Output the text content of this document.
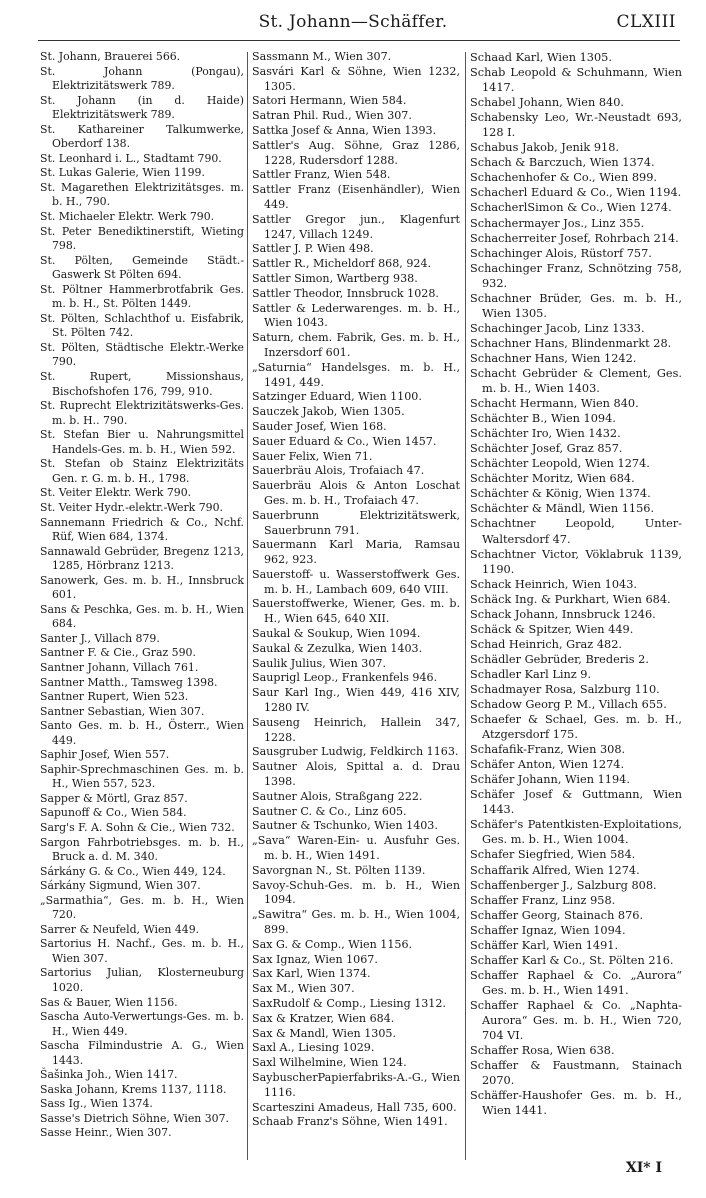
St. Johann—Schäffer.	CLXIII

St. Johann, Brauerei 566.

St. Johann (Pongau), Elektrizitätswerk 789.

St. Johann (in d. Haide) Elektrizitätswerk 789.

St. Kathareiner Talkumwerke, Oberdorf 138.

St. Leonhard i. L., Stadtamt 790.

St. Lukas Galerie, Wien 1199.

St. Magarethen Elektrizitätsges. m. b. H., 790.

St. Michaeler Elektr. Werk 790.

St. Peter Benediktinerstift, Wieting 798.

St. Pölten, Gemeinde Städt.-Gaswerk St Pölten 694.

St. Pöltner Hammerbrotfabrik Ges. m. b. H., St. Pölten 1449.

St. Pölten, Schlachthof u. Eisfabrik, St. Pölten 742.

St. Pölten, Städtische Elektr.-Werke 790.

St. Rupert, Missionshaus, Bischofshofen 176, 799, 910.

St. Ruprecht Elektrizitätswerks-Ges. m. b. H.. 790.

St. Stefan Bier u. Nahrungsmittel Handels-Ges. m. b. H., Wien 592.

St. Stefan ob Stainz Elektrizitäts Gen. r. G. m. b. H., 1798.

St. Veiter Elektr. Werk 790.

St. Veiter Hydr.-elektr.-Werk 790.

Sannemann Friedrich & Co., Nchf. Rüf, Wien 684, 1374.

Sannawald Gebrüder, Bregenz 1213, 1285, Hörbranz 1213.

Sanowerk, Ges. m. b. H., Innsbruck 601.

Sans & Peschka, Ges. m. b. H., Wien 684.

Santer J., Villach 879.

Santner F. & Cie., Graz 590.

Santner Johann, Villach 761.

Santner Matth., Tamsweg 1398.

Santner Rupert, Wien 523.

Santner Sebastian, Wien 307.

Santo Ges. m. b. H., Österr., Wien 449.

Saphir Josef, Wien 557.

Saphir-Sprechmaschinen Ges. m. b. H., Wien 557, 523.

Sapper & Mörtl, Graz 857.

Sapunoff & Co., Wien 584.

Sarg's F. A. Sohn & Cie., Wien 732.

Sargon Fahrbotriebsges. m. b. H., Bruck a. d. M. 340.

Sárkány G. & Co., Wien 449, 124.

Sárkány Sigmund, Wien 307.

„Sarmathia“, Ges. m. b. H., Wien 720.

Sarrer & Neufeld, Wien 449.

Sartorius H. Nachf., Ges. m. b. H., Wien 307.

Sartorius Julian, Klosterneuburg 1020.

Sas & Bauer, Wien 1156.

Sascha Auto-Verwertungs-Ges. m. b. H., Wien 449.

Sascha Filmindustrie A. G., Wien 1443.

Šašinka Joh., Wien 1417.

Saska Johann, Krems 1137, 1118.

Sass Ig., Wien 1374.

Sasse's Dietrich Söhne, Wien 307.

Sasse Heinr., Wien 307.

Sassmann M., Wien 307.

Sasvári Karl & Söhne, Wien 1232, 1305.

Satori Hermann, Wien 584.

Satran Phil. Rud., Wien 307.

Sattka Josef & Anna, Wien 1393.

Sattler's Aug. Söhne, Graz 1286, 1228, Rudersdorf 1288.

Sattler Franz, Wien 548.

Sattler Franz (Eisenhändler), Wien 449.

Sattler Gregor jun., Klagenfurt 1247, Villach 1249.

Sattler J. P. Wien 498.

Sattler R., Micheldorf 868, 924.

Sattler Simon, Wartberg 938.

Sattler Theodor, Innsbruck 1028.

Sattler & Lederwarenges. m. b. H., Wien 1043.

Saturn, chem. Fabrik, Ges. m. b. H., Inzersdorf 601.

„Saturnia“ Handelsges. m. b. H., 1491, 449.

Satzinger Eduard, Wien 1100.

Sauczek Jakob, Wien 1305.

Sauder Josef, Wien 168.

Sauer Eduard & Co., Wien 1457.

Sauer Felix, Wien 71.

Sauerbräu Alois, Trofaiach 47.

Sauerbräu Alois & Anton Loschat Ges. m. b. H., Trofaiach 47.

Sauerbrunn Elektrizitätswerk, Sauerbrunn 791.

Sauermann Karl Maria, Ramsau 962, 923.

Sauerstoff- u. Wasserstoffwerk Ges. m. b. H., Lambach 609, 640 VIII.

Sauerstoffwerke, Wiener, Ges. m. b. H., Wien 645, 640 XII.

Saukal & Soukup, Wien 1094.

Saukal & Zezulka, Wien 1403.

Saulik Julius, Wien 307.

Sauprigl Leop., Frankenfels 946.

Saur Karl Ing., Wien 449, 416 XIV, 1280 IV.

Sauseng Heinrich, Hallein 347, 1228.

Sausgruber Ludwig, Feldkirch 1163.

Sautner Alois, Spittal a. d. Drau 1398.

Sautner Alois, Straßgang 222.

Sautner C. & Co., Linz 605.

Sautner & Tschunko, Wien 1403.

„Sava“ Waren-Ein- u. Ausfuhr Ges. m. b. H., Wien 1491.

Savorgnan N., St. Pölten 1139.

Savoy-Schuh-Ges. m. b. H., Wien 1094.

„Sawitra“ Ges. m. b. H., Wien 1004, 899.

Sax G. & Comp., Wien 1156.

Sax Ignaz, Wien 1067.

Sax Karl, Wien 1374.

Sax M., Wien 307.

SaxRudolf & Comp., Liesing 1312.

Sax & Kratzer, Wien 684.

Sax & Mandl, Wien 1305.

Saxl A., Liesing 1029.

Saxl Wilhelmine, Wien 124.

SaybuscherPapierfabriks-A.-G., Wien 1116.

Scarteszini Amadeus, Hall 735, 600.

Schaab Franz's Söhne, Wien 1491.

Schaad Karl, Wien 1305.

Schab Leopold & Schuhmann, Wien 1417.

Schabel Johann, Wien 840.

Schabensky Leo, Wr.-Neustadt 693, 128 I.

Schabus Jakob, Jenik 918.

Schach & Barczuch, Wien 1374.

Schachenhofer & Co., Wien 899.

Schacherl Eduard & Co., Wien 1194.

SchacherlSimon & Co., Wien 1274.

Schachermayer Jos., Linz 355.

Schacherreiter Josef, Rohrbach 214.

Schachinger Alois, Rüstorf 757.

Schachinger Franz, Schnötzing 758, 932.

Schachner Brüder, Ges. m. b. H., Wien 1305.

Schachinger Jacob, Linz 1333.

Schachner Hans, Blindenmarkt 28.

Schachner Hans, Wien 1242.

Schacht Gebrüder & Clement, Ges. m. b. H., Wien 1403.

Schacht Hermann, Wien 840.

Schächter B., Wien 1094.

Schächter Iro, Wien 1432.

Schächter Josef, Graz 857.

Schächter Leopold, Wien 1274.

Schächter Moritz, Wien 684.

Schächter & König, Wien 1374.

Schächter & Mändl, Wien 1156.

Schachtner Leopold, Unter-Waltersdorf 47.

Schachtner Victor, Vöklabruk 1139, 1190.

Schack Heinrich, Wien 1043.

Schäck Ing. & Purkhart, Wien 684.

Schack Johann, Innsbruck 1246.

Schäck & Spitzer, Wien 449.

Schad Heinrich, Graz 482.

Schädler Gebrüder, Brederis 2.

Schadler Karl Linz 9.

Schadmayer Rosa, Salzburg 110.

Schadow Georg P. M., Villach 655.

Schaefer & Schael, Ges. m. b. H., Atzgersdorf 175.

Schafafik-Franz, Wien 308.

Schäfer Anton, Wien 1274.

Schäfer Johann, Wien 1194.

Schäfer Josef & Guttmann, Wien 1443.

Schäfer's Patentkisten-Exploitations, Ges. m. b. H., Wien 1004.

Schafer Siegfried, Wien 584.

Schaffarik Alfred, Wien 1274.

Schaffenberger J., Salzburg 808.

Schaffer Franz, Linz 958.

Schaffer Georg, Stainach 876.

Schaffer Ignaz, Wien 1094.

Schäffer Karl, Wien 1491.

Schaffer Karl & Co., St. Pölten 216.

Schaffer Raphael & Co. „Aurora“ Ges. m. b. H., Wien 1491.

Schaffer Raphael & Co. „Naphta-Aurora“ Ges. m. b. H., Wien 720, 704 VI.

Schaffer Rosa, Wien 638.

Schaffer & Faustmann, Stainach 2070.

Schäffer-Haushofer Ges. m. b. H., Wien 1441.

XI* I
